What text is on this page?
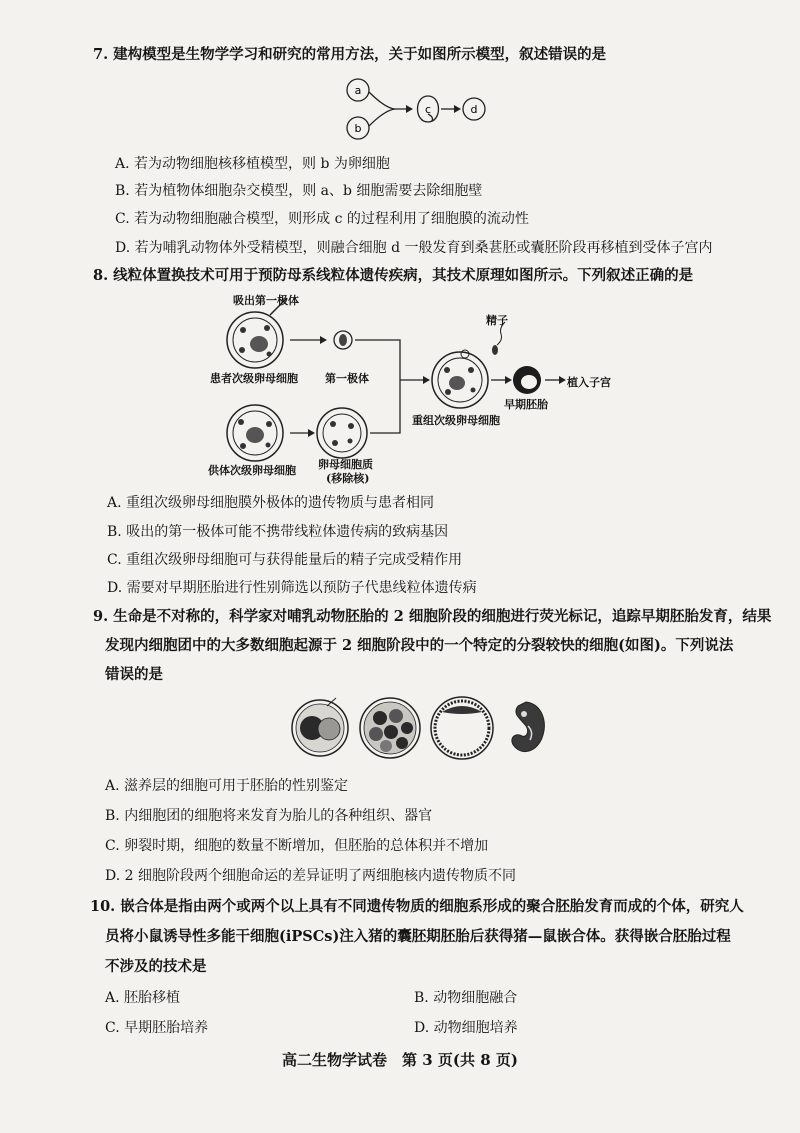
7. 建构模型是生物学学习和研究的常用方法，关于如图所示模型，叙述错误的是
a
b
c	d
A. 若为动物细胞核移植模型，则 b 为卵细胞
B. 若为植物体细胞杂交模型，则 a、b 细胞需要去除细胞壁
C. 若为动物细胞融合模型，则形成 c 的过程利用了细胞膜的流动性
D. 若为哺乳动物体外受精模型，则融合细胞 d 一般发育到桑葚胚或囊胚阶段再移植到受体子宫内
8. 线粒体置换技术可用于预防母系线粒体遗传疾病，其技术原理如图所示。下列叙述正确的是
吸出第一极体
患者次级卵母细胞 第一极体
供体次级卵母细胞 卵母细胞质
(移除核)
重组次级卵母细胞
精子
早期胚胎
植入子宫
A. 重组次级卵母细胞膜外极体的遗传物质与患者相同
B. 吸出的第一极体可能不携带线粒体遗传病的致病基因
C. 重组次级卵母细胞可与获得能量后的精子完成受精作用
D. 需要对早期胚胎进行性别筛选以预防子代患线粒体遗传病
9. 生命是不对称的，科学家对哺乳动物胚胎的 2 细胞阶段的细胞进行荧光标记，追踪早期胚胎发育，结果
发现内细胞团中的大多数细胞起源于 2 细胞阶段中的一个特定的分裂较快的细胞(如图)。下列说法
错误的是
A. 滋养层的细胞可用于胚胎的性别鉴定
B. 内细胞团的细胞将来发育为胎儿的各种组织、器官
C. 卵裂时期，细胞的数量不断增加，但胚胎的总体积并不增加
D. 2 细胞阶段两个细胞命运的差异证明了两细胞核内遗传物质不同
10. 嵌合体是指由两个或两个以上具有不同遗传物质的细胞系形成的聚合胚胎发育而成的个体，研究人
员将小鼠诱导性多能干细胞(iPSCs)注入猪的囊胚期胚胎后获得猪—鼠嵌合体。获得嵌合胚胎过程
不涉及的技术是
A. 胚胎移植	B. 动物细胞融合
C. 早期胚胎培养	D. 动物细胞培养
高二生物学试卷　第 3 页(共 8 页)
